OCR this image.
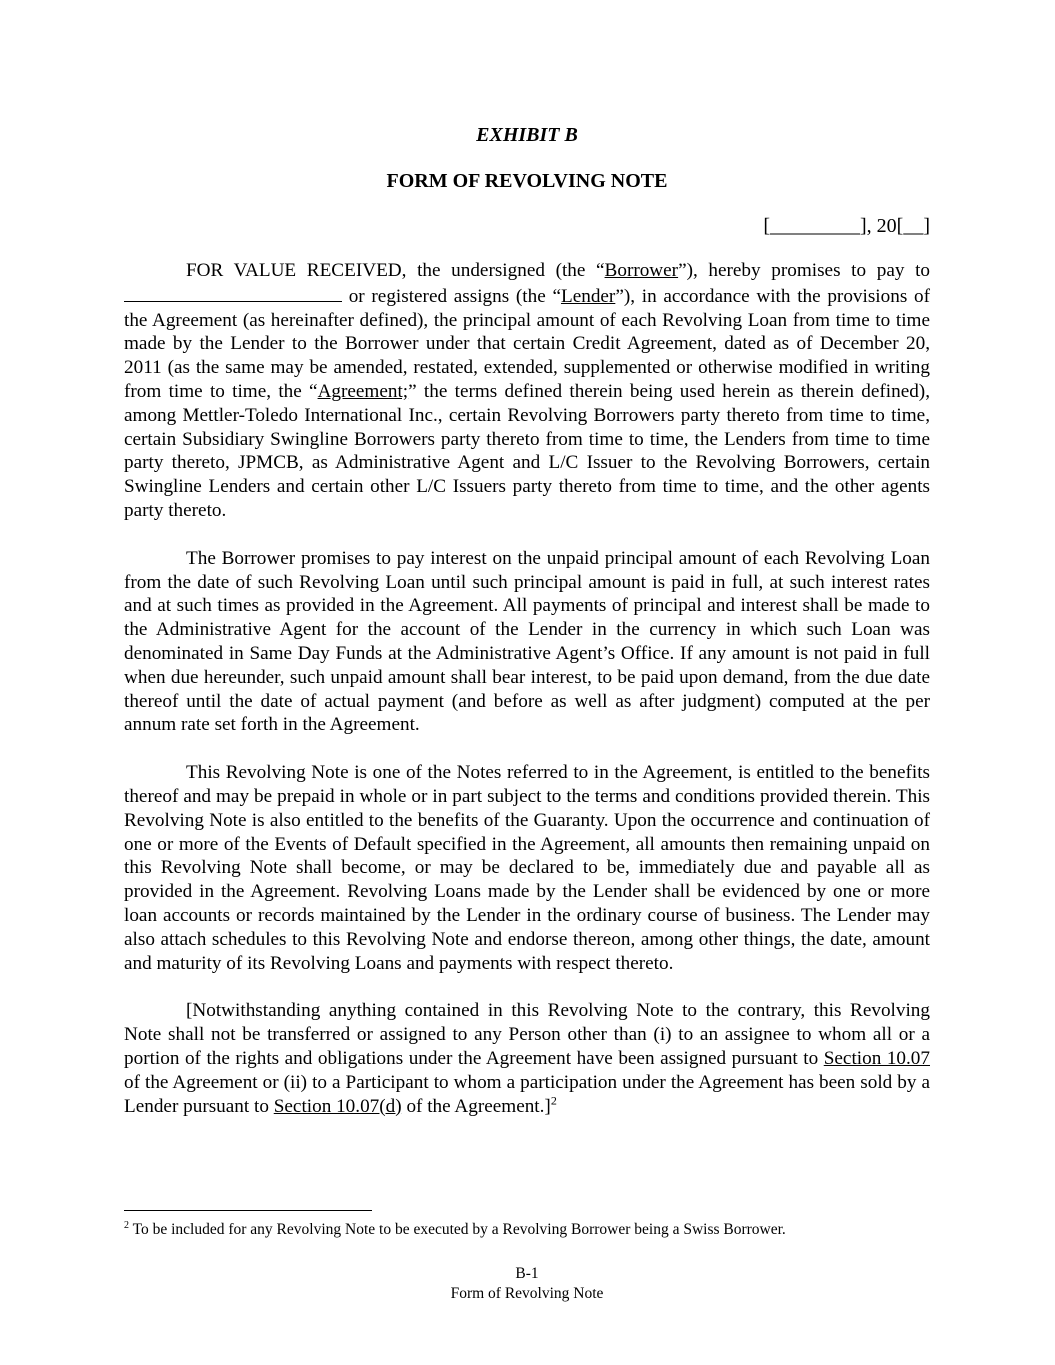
EXHIBIT B
FORM OF REVOLVING NOTE
[_________], 20[__]

FOR VALUE RECEIVED, the undersigned (the “Borrower”), hereby promises to pay to  or registered assigns (the “Lender”), in accordance with the provisions of the Agreement (as hereinafter defined), the principal amount of each Revolving Loan from time to time made by the Lender to the Borrower under that certain Credit Agreement, dated as of December 20, 2011 (as the same may be amended, restated, extended, supplemented or otherwise modified in writing from time to time, the “Agreement;” the terms defined therein being used herein as therein defined), among Mettler-Toledo International Inc., certain Revolving Borrowers party thereto from time to time, certain Subsidiary Swingline Borrowers party thereto from time to time, the Lenders from time to time party thereto, JPMCB, as Administrative Agent and L/C Issuer to the Revolving Borrowers, certain Swingline Lenders and certain other L/C Issuers party thereto from time to time, and the other agents party thereto.

The Borrower promises to pay interest on the unpaid principal amount of each Revolving Loan from the date of such Revolving Loan until such principal amount is paid in full, at such interest rates and at such times as provided in the Agreement. All payments of principal and interest shall be made to the Administrative Agent for the account of the Lender in the currency in which such Loan was denominated in Same Day Funds at the Administrative Agent’s Office. If any amount is not paid in full when due hereunder, such unpaid amount shall bear interest, to be paid upon demand, from the due date thereof until the date of actual payment (and before as well as after judgment) computed at the per annum rate set forth in the Agreement.

This Revolving Note is one of the Notes referred to in the Agreement, is entitled to the benefits thereof and may be prepaid in whole or in part subject to the terms and conditions provided therein. This Revolving Note is also entitled to the benefits of the Guaranty. Upon the occurrence and continuation of one or more of the Events of Default specified in the Agreement, all amounts then remaining unpaid on this Revolving Note shall become, or may be declared to be, immediately due and payable all as provided in the Agreement. Revolving Loans made by the Lender shall be evidenced by one or more loan accounts or records maintained by the Lender in the ordinary course of business. The Lender may also attach schedules to this Revolving Note and endorse thereon, among other things, the date, amount and maturity of its Revolving Loans and payments with respect thereto.

[Notwithstanding anything contained in this Revolving Note to the contrary, this Revolving Note shall not be transferred or assigned to any Person other than (i) to an assignee to whom all or a portion of the rights and obligations under the Agreement have been assigned pursuant to Section 10.07 of the Agreement or (ii) to a Participant to whom a participation under the Agreement has been sold by a Lender pursuant to Section 10.07(d) of the Agreement.]$^2$

$^2$ To be included for any Revolving Note to be executed by a Revolving Borrower being a Swiss Borrower.
B-1
Form of Revolving Note
